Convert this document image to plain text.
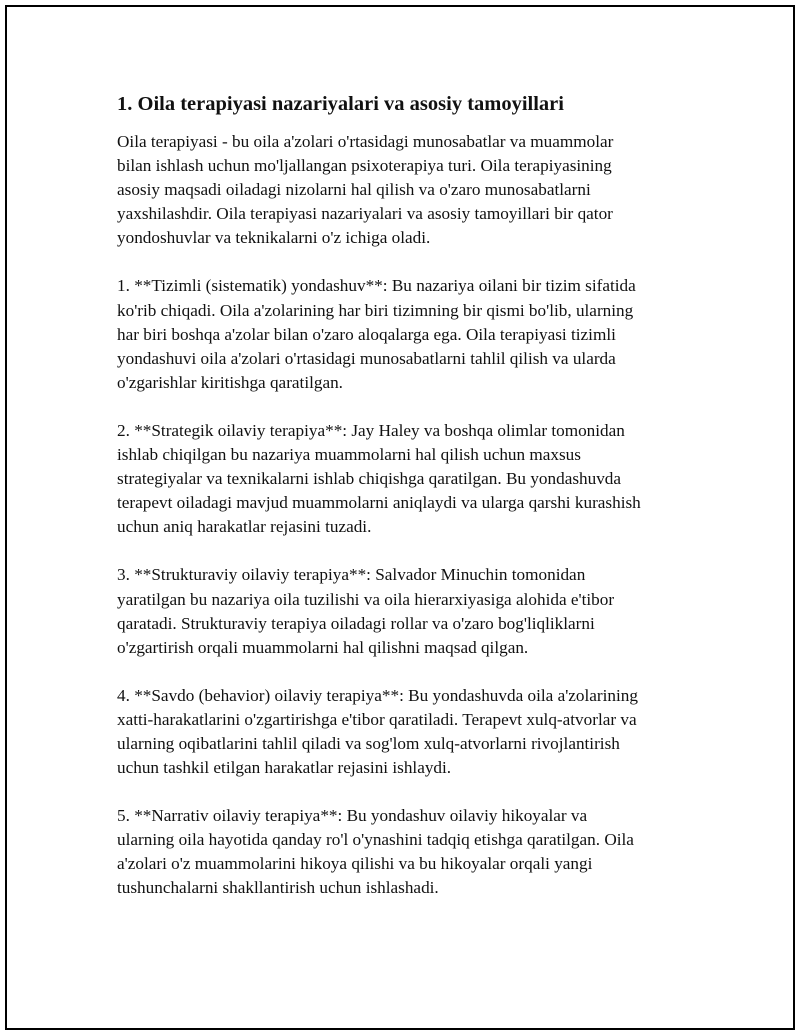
1. Oila terapiyasi nazariyalari va asosiy tamoyillari
Oila terapiyasi - bu oila a'zolari o'rtasidagi munosabatlar va muammolar
bilan ishlash uchun mo'ljallangan psixoterapiya turi. Oila terapiyasining
asosiy maqsadi oiladagi nizolarni hal qilish va o'zaro munosabatlarni
yaxshilashdir. Oila terapiyasi nazariyalari va asosiy tamoyillari bir qator
yondoshuvlar va teknikalarni o'z ichiga oladi.
1. **Tizimli (sistematik) yondashuv**: Bu nazariya oilani bir tizim sifatida
ko'rib chiqadi. Oila a'zolarining har biri tizimning bir qismi bo'lib, ularning
har biri boshqa a'zolar bilan o'zaro aloqalarga ega. Oila terapiyasi tizimli
yondashuvi oila a'zolari o'rtasidagi munosabatlarni tahlil qilish va ularda
o'zgarishlar kiritishga qaratilgan.
2. **Strategik oilaviy terapiya**: Jay Haley va boshqa olimlar tomonidan
ishlab chiqilgan bu nazariya muammolarni hal qilish uchun maxsus
strategiyalar va texnikalarni ishlab chiqishga qaratilgan. Bu yondashuvda
terapevt oiladagi mavjud muammolarni aniqlaydi va ularga qarshi kurashish
uchun aniq harakatlar rejasini tuzadi.
3. **Strukturaviy oilaviy terapiya**: Salvador Minuchin tomonidan
yaratilgan bu nazariya oila tuzilishi va oila hierarxiyasiga alohida e'tibor
qaratadi. Strukturaviy terapiya oiladagi rollar va o'zaro bog'liqliklarni
o'zgartirish orqali muammolarni hal qilishni maqsad qilgan.
4. **Savdo (behavior) oilaviy terapiya**: Bu yondashuvda oila a'zolarining
xatti-harakatlarini o'zgartirishga e'tibor qaratiladi. Terapevt xulq-atvorlar va
ularning oqibatlarini tahlil qiladi va sog'lom xulq-atvorlarni rivojlantirish
uchun tashkil etilgan harakatlar rejasini ishlaydi.
5. **Narrativ oilaviy terapiya**: Bu yondashuv oilaviy hikoyalar va
ularning oila hayotida qanday ro'l o'ynashini tadqiq etishga qaratilgan. Oila
a'zolari o'z muammolarini hikoya qilishi va bu hikoyalar orqali yangi
tushunchalarni shakllantirish uchun ishlashadi.
